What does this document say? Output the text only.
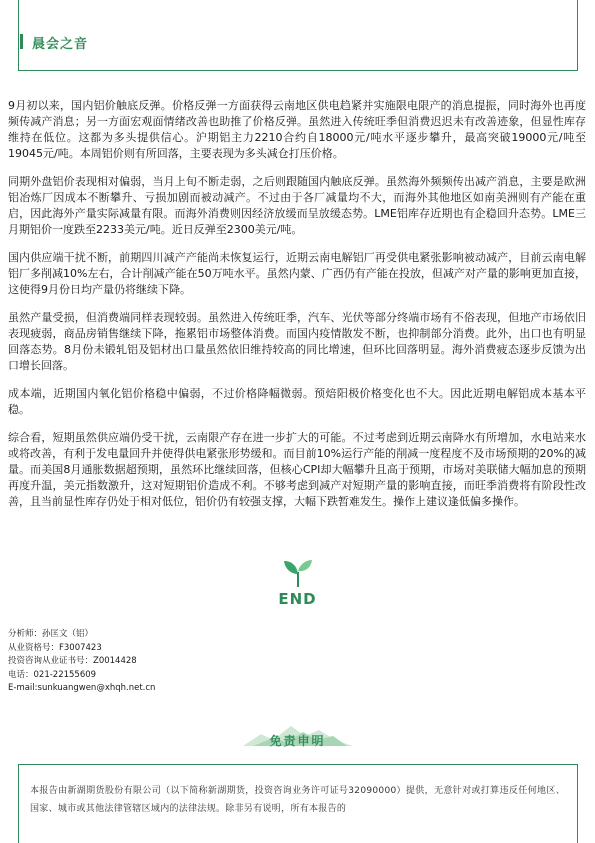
晨会之音

9月初以来，国内铝价触底反弹。价格反弹一方面获得云南地区供电趋紧并实施限电限产的消息提振，同时海外也再度频传减产消息；另一方面宏观面情绪改善也助推了价格反弹。虽然进入传统旺季但消费迟迟未有改善迹象，但显性库存维持在低位。这都为多头提供信心。沪期铝主力2210合约自18000元/吨水平逐步攀升，最高突破19000元/吨至19045元/吨。本周铝价则有所回落，主要表现为多头减仓打压价格。

同期外盘铝价表现相对偏弱，当月上旬不断走弱，之后则跟随国内触底反弹。虽然海外频频传出减产消息，主要是欧洲铝冶炼厂因成本不断攀升、亏损加剧而被动减产。不过由于各厂减量均不大，而海外其他地区如南美洲则有产能在重启，因此海外产量实际减量有限。而海外消费则因经济放缓而呈放缓态势。LME铝库存近期也有企稳回升态势。LME三月期铝价一度跌至2233美元/吨。近日反弹至2300美元/吨。

国内供应端干扰不断，前期四川减产产能尚未恢复运行，近期云南电解铝厂再受供电紧张影响被动减产，目前云南电解铝厂多削减10%左右，合计削减产能在50万吨水平。虽然内蒙、广西仍有产能在投放，但减产对产量的影响更加直接，这使得9月份日均产量仍将继续下降。

虽然产量受损，但消费端同样表现较弱。虽然进入传统旺季，汽车、光伏等部分终端市场有不俗表现，但地产市场依旧表现疲弱，商品房销售继续下降，拖累铝市场整体消费。而国内疫情散发不断，也抑制部分消费。此外，出口也有明显回落态势。8月份未锻轧铝及铝材出口量虽然依旧维持较高的同比增速，但环比回落明显。海外消费疲态逐步反馈为出口增长回落。

成本端，近期国内氧化铝价格稳中偏弱，不过价格降幅微弱。预焙阳极价格变化也不大。因此近期电解铝成本基本平稳。

综合看，短期虽然供应端仍受干扰，云南限产存在进一步扩大的可能。不过考虑到近期云南降水有所增加，水电站来水或将改善，有利于发电量回升并使得供电紧张形势缓和。而目前10%运行产能的削减一度程度不及市场预期的20%的减量。而美国8月通胀数据超预期，虽然环比继续回落，但核心CPI却大幅攀升且高于预期，市场对美联储大幅加息的预期再度升温，美元指数激升，这对短期铝价造成不利。不够考虑到减产对短期产量的影响直接，而旺季消费将有阶段性改善，且当前显性库存仍处于相对低位，铝价仍有较强支撑，大幅下跌暂难发生。操作上建议逢低偏多操作。

END
分析师：孙匡文（铝）
从业资格号：F3007423
投资咨询从业证书号：Z0014428
电话：021-22155609
E-mail:sunkuangwen@xhqh.net.cn
免责申明
本报告由新湖期货股份有限公司（以下简称新湖期货，投资咨询业务许可证号32090000）提供，无意针对或打算违反任何地区、国家、城市或其他法律管辖区域内的法律法规。除非另有说明，所有本报告的
